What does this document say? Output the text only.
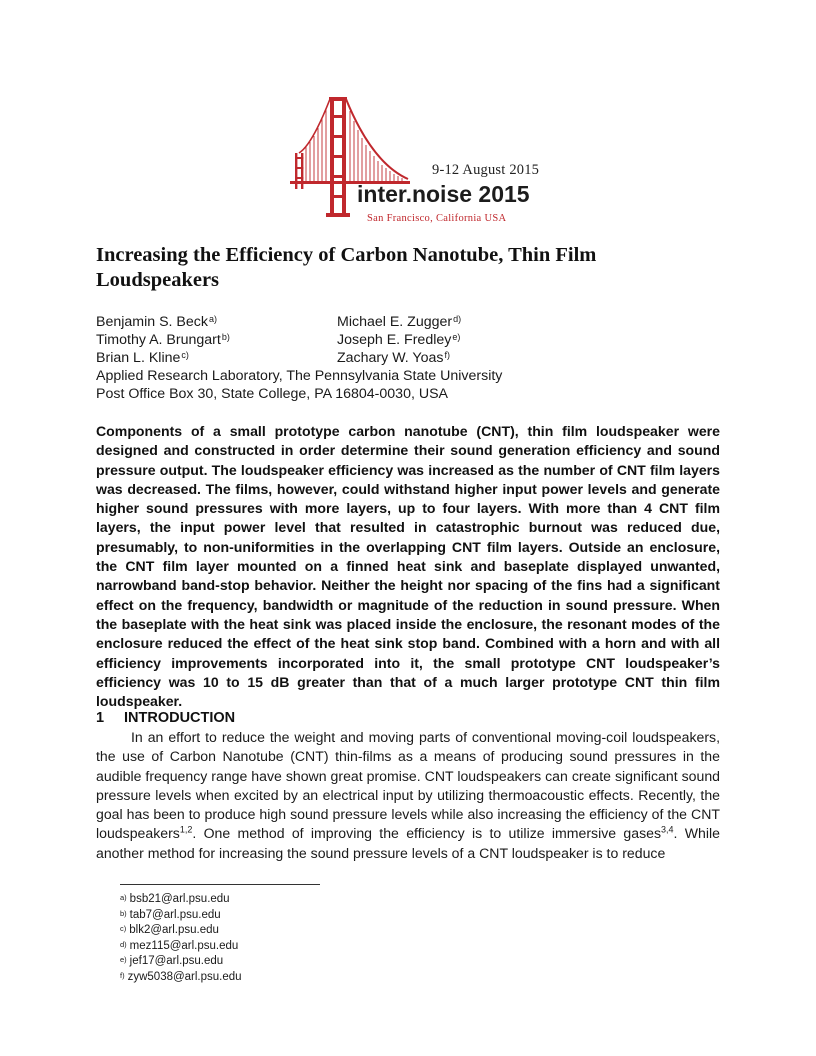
9-12 August 2015
inter.noise 2015
San Francisco, California USA
Increasing the Efficiency of Carbon Nanotube, Thin Film
Loudspeakers
Benjamin S. Beck$^{a)}$
Timothy A. Brungart$^{b)}$
Brian L. Kline$^{c)}$
Michael E. Zugger$^{d)}$
Joseph E. Fredley$^{e)}$
Zachary W. Yoas$^{f)}$
Applied Research Laboratory, The Pennsylvania State University
Post Office Box 30, State College, PA 16804-0030, USA
Components of a small prototype carbon nanotube (CNT), thin film loudspeaker were designed and constructed in order determine their sound generation efficiency and sound pressure output. The loudspeaker efficiency was increased as the number of CNT film layers was decreased. The films, however, could withstand higher input power levels and generate higher sound pressures with more layers, up to four layers. With more than 4 CNT film layers, the input power level that resulted in catastrophic burnout was reduced due, presumably, to non-uniformities in the overlapping CNT film layers. Outside an enclosure, the CNT film layer mounted on a finned heat sink and baseplate displayed unwanted, narrowband band-stop behavior. Neither the height nor spacing of the fins had a significant effect on the frequency, bandwidth or magnitude of the reduction in sound pressure. When the baseplate with the heat sink was placed inside the enclosure, the resonant modes of the enclosure reduced the effect of the heat sink stop band. Combined with a horn and with all efficiency improvements incorporated into it, the small prototype CNT loudspeaker’s efficiency was 10 to 15 dB greater than that of a much larger prototype CNT thin film loudspeaker.
1 INTRODUCTION
In an effort to reduce the weight and moving parts of conventional moving-coil loudspeakers, the use of Carbon Nanotube (CNT) thin-films as a means of producing sound pressures in the audible frequency range have shown great promise. CNT loudspeakers can create significant sound pressure levels when excited by an electrical input by utilizing thermoacoustic effects. Recently, the goal has been to produce high sound pressure levels while also increasing the efficiency of the CNT loudspeakers$^{1,2}$. One method of improving the efficiency is to utilize immersive gases$^{3,4}$. While another method for increasing the sound pressure levels of a CNT loudspeaker is to reduce
$^{a)}$ bsb21@arl.psu.edu
$^{b)}$ tab7@arl.psu.edu
$^{c)}$ blk2@arl.psu.edu
$^{d)}$ mez115@arl.psu.edu
$^{e)}$ jef17@arl.psu.edu
$^{f)}$ zyw5038@arl.psu.edu
